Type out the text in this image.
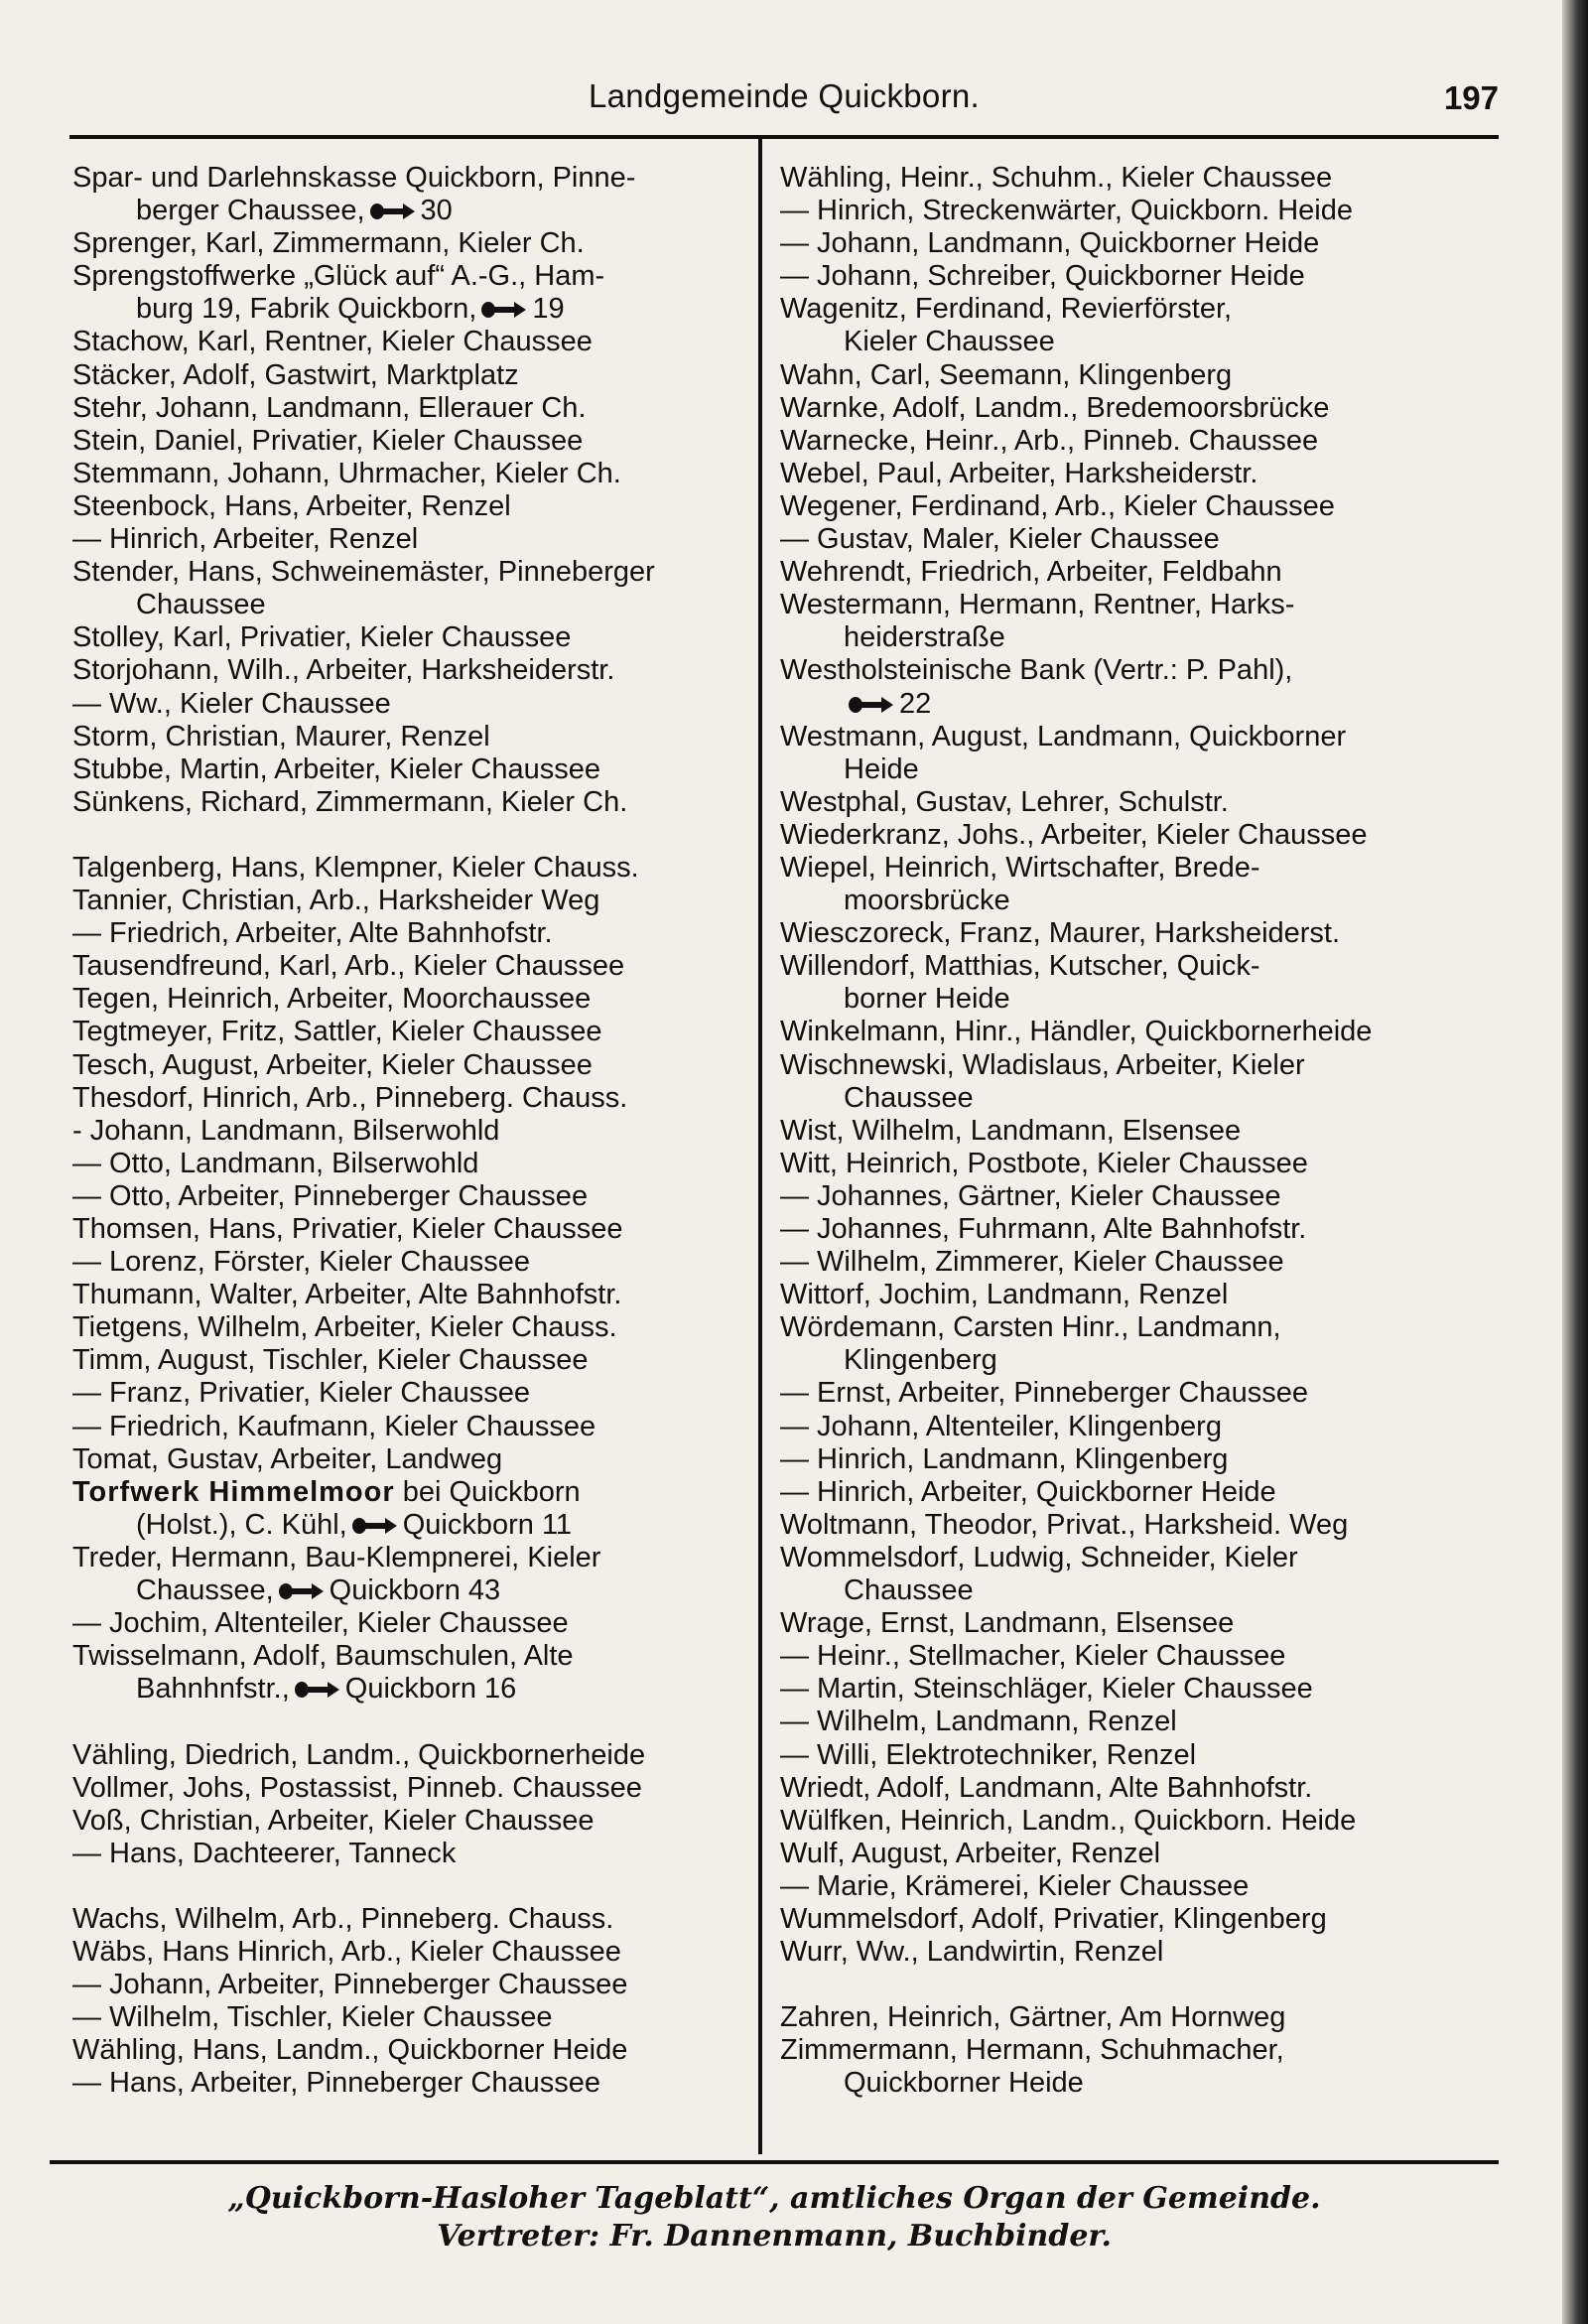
Landgemeinde Quickborn.	197
Spar- und Darlehnskasse Quickborn, Pinne-
berger Chaussee, 30
Sprenger, Karl, Zimmermann, Kieler Ch.
Sprengstoffwerke „Glück auf“ A.-G., Ham-
burg 19, Fabrik Quickborn, 19
Stachow, Karl, Rentner, Kieler Chaussee
Stäcker, Adolf, Gastwirt, Marktplatz
Stehr, Johann, Landmann, Ellerauer Ch.
Stein, Daniel, Privatier, Kieler Chaussee
Stemmann, Johann, Uhrmacher, Kieler Ch.
Steenbock, Hans, Arbeiter, Renzel
— Hinrich, Arbeiter, Renzel
Stender, Hans, Schweinemäster, Pinneberger
Chaussee
Stolley, Karl, Privatier, Kieler Chaussee
Storjohann, Wilh., Arbeiter, Harksheiderstr.
— Ww., Kieler Chaussee
Storm, Christian, Maurer, Renzel
Stubbe, Martin, Arbeiter, Kieler Chaussee
Sünkens, Richard, Zimmermann, Kieler Ch.
Talgenberg, Hans, Klempner, Kieler Chauss.
Tannier, Christian, Arb., Harksheider Weg
— Friedrich, Arbeiter, Alte Bahnhofstr.
Tausendfreund, Karl, Arb., Kieler Chaussee
Tegen, Heinrich, Arbeiter, Moorchaussee
Tegtmeyer, Fritz, Sattler, Kieler Chaussee
Tesch, August, Arbeiter, Kieler Chaussee
Thesdorf, Hinrich, Arb., Pinneberg. Chauss.
- Johann, Landmann, Bilserwohld
— Otto, Landmann, Bilserwohld
— Otto, Arbeiter, Pinneberger Chaussee
Thomsen, Hans, Privatier, Kieler Chaussee
— Lorenz, Förster, Kieler Chaussee
Thumann, Walter, Arbeiter, Alte Bahnhofstr.
Tietgens, Wilhelm, Arbeiter, Kieler Chauss.
Timm, August, Tischler, Kieler Chaussee
— Franz, Privatier, Kieler Chaussee
— Friedrich, Kaufmann, Kieler Chaussee
Tomat, Gustav, Arbeiter, Landweg
Torfwerk Himmelmoor bei Quickborn
(Holst.), C. Kühl, Quickborn 11
Treder, Hermann, Bau-Klempnerei, Kieler
Chaussee, Quickborn 43
— Jochim, Altenteiler, Kieler Chaussee
Twisselmann, Adolf, Baumschulen, Alte
Bahnhnfstr., Quickborn 16
Vähling, Diedrich, Landm., Quickbornerheide
Vollmer, Johs, Postassist, Pinneb. Chaussee
Voß, Christian, Arbeiter, Kieler Chaussee
— Hans, Dachteerer, Tanneck
Wachs, Wilhelm, Arb., Pinneberg. Chauss.
Wäbs, Hans Hinrich, Arb., Kieler Chaussee
— Johann, Arbeiter, Pinneberger Chaussee
— Wilhelm, Tischler, Kieler Chaussee
Wähling, Hans, Landm., Quickborner Heide
— Hans, Arbeiter, Pinneberger Chaussee
Wähling, Heinr., Schuhm., Kieler Chaussee
— Hinrich, Streckenwärter, Quickborn. Heide
— Johann, Landmann, Quickborner Heide
— Johann, Schreiber, Quickborner Heide
Wagenitz, Ferdinand, Revierförster,
Kieler Chaussee
Wahn, Carl, Seemann, Klingenberg
Warnke, Adolf, Landm., Bredemoorsbrücke
Warnecke, Heinr., Arb., Pinneb. Chaussee
Webel, Paul, Arbeiter, Harksheiderstr.
Wegener, Ferdinand, Arb., Kieler Chaussee
— Gustav, Maler, Kieler Chaussee
Wehrendt, Friedrich, Arbeiter, Feldbahn
Westermann, Hermann, Rentner, Harks-
heiderstraße
Westholsteinische Bank (Vertr.: P. Pahl),
22
Westmann, August, Landmann, Quickborner
Heide
Westphal, Gustav, Lehrer, Schulstr.
Wiederkranz, Johs., Arbeiter, Kieler Chaussee
Wiepel, Heinrich, Wirtschafter, Brede-
moorsbrücke
Wiesczoreck, Franz, Maurer, Harksheiderst.
Willendorf, Matthias, Kutscher, Quick-
borner Heide
Winkelmann, Hinr., Händler, Quickbornerheide
Wischnewski, Wladislaus, Arbeiter, Kieler
Chaussee
Wist, Wilhelm, Landmann, Elsensee
Witt, Heinrich, Postbote, Kieler Chaussee
— Johannes, Gärtner, Kieler Chaussee
— Johannes, Fuhrmann, Alte Bahnhofstr.
— Wilhelm, Zimmerer, Kieler Chaussee
Wittorf, Jochim, Landmann, Renzel
Wördemann, Carsten Hinr., Landmann,
Klingenberg
— Ernst, Arbeiter, Pinneberger Chaussee
— Johann, Altenteiler, Klingenberg
— Hinrich, Landmann, Klingenberg
— Hinrich, Arbeiter, Quickborner Heide
Woltmann, Theodor, Privat., Harksheid. Weg
Wommelsdorf, Ludwig, Schneider, Kieler
Chaussee
Wrage, Ernst, Landmann, Elsensee
— Heinr., Stellmacher, Kieler Chaussee
— Martin, Steinschläger, Kieler Chaussee
— Wilhelm, Landmann, Renzel
— Willi, Elektrotechniker, Renzel
Wriedt, Adolf, Landmann, Alte Bahnhofstr.
Wülfken, Heinrich, Landm., Quickborn. Heide
Wulf, August, Arbeiter, Renzel
— Marie, Krämerei, Kieler Chaussee
Wummelsdorf, Adolf, Privatier, Klingenberg
Wurr, Ww., Landwirtin, Renzel
Zahren, Heinrich, Gärtner, Am Hornweg
Zimmermann, Hermann, Schuhmacher,
Quickborner Heide
„Quickborn-Hasloher Tageblatt“, amtliches Organ der Gemeinde.
Vertreter: Fr. Dannenmann, Buchbinder.
